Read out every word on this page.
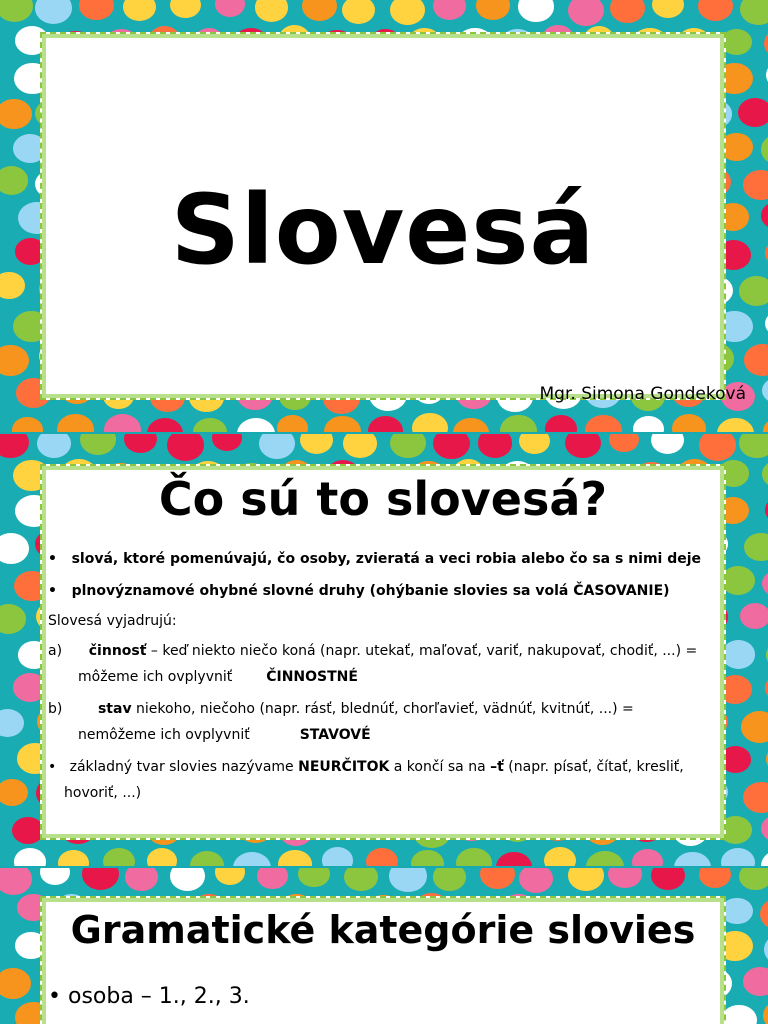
Slovesá
Mgr. Simona Gondeková
Čo sú to slovesá?

•   slová, ktoré pomenúvajú, čo osoby, zvieratá a veci robia alebo čo sa s nimi deje

•   plnovýznamové ohybné slovné druhy (ohýbanie slovies sa volá ČASOVANIE)

Slovesá vyjadrujú:

a) činnosť – keď niekto niečo koná (napr. utekať, maľovať, variť, nakupovať, chodiť, ...) =

môžeme ich ovplyvniť ČINNOSTNÉ

b)	stav niekoho, niečoho (napr. rásť, blednúť, chorľavieť, vädnúť, kvitnúť, ...) =

nemôžeme ich ovplyvniť	STAVOVÉ

•   základný tvar slovies nazývame NEURČITOK a končí sa na –ť (napr. písať, čítať, kresliť, hovoriť, ...)

Gramatické kategórie slovies
• osoba – 1., 2., 3.
